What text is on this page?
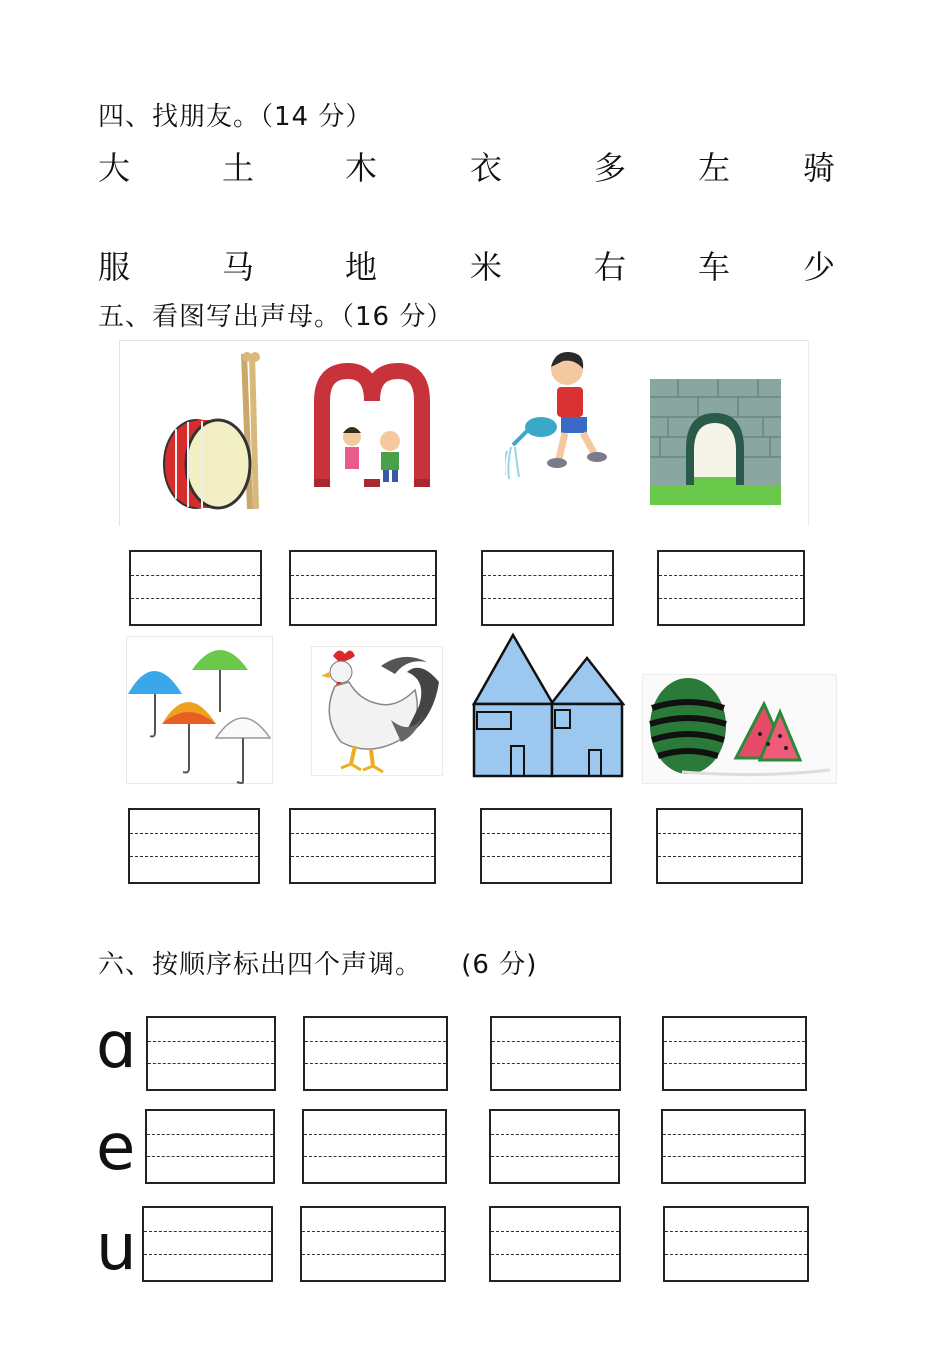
四、找朋友。（14 分）
大	土	木	衣	多 左 骑
服	马	地	米	右 车 少
五、看图写出声母。（16 分）
六、按顺序标出四个声调。 (6 分)
ɑ
e
u
